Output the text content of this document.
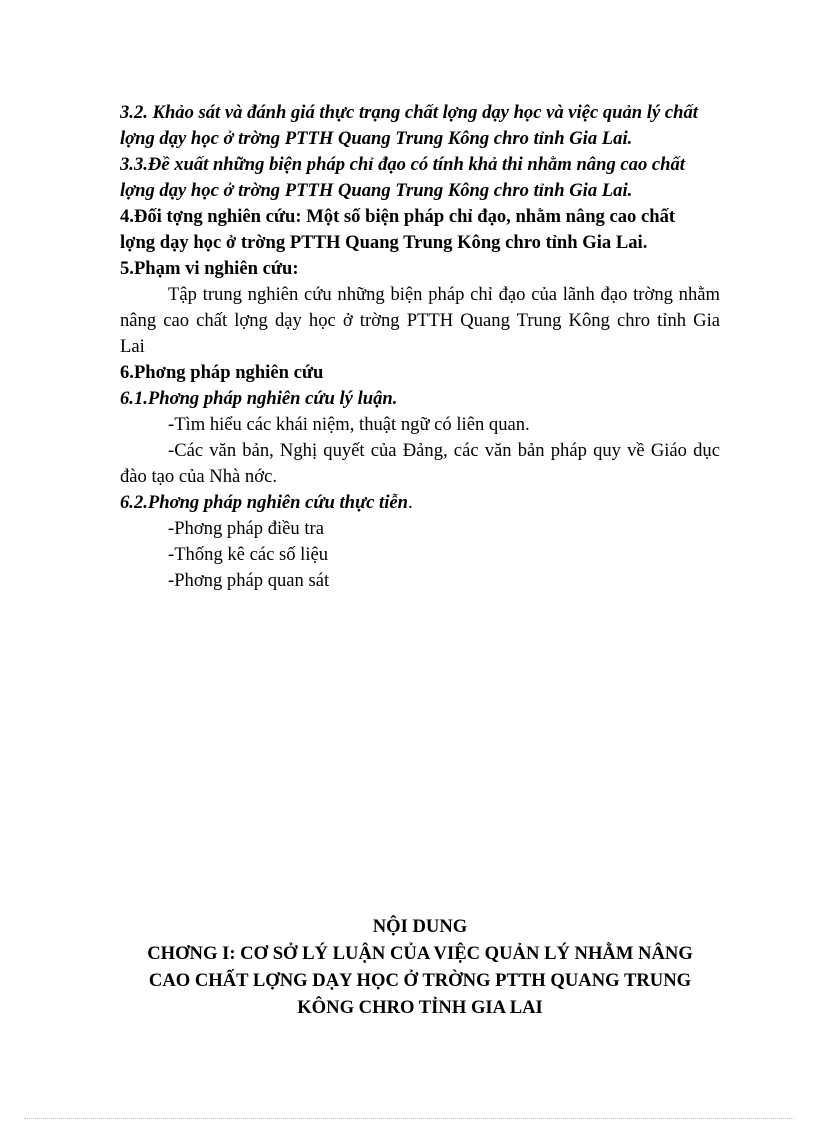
3.2. Khảo sát và đánh giá thực trạng chất lợng dạy học và việc quản lý chất

lợng dạy học ở trờng PTTH Quang Trung Kông chro tỉnh Gia Lai.

3.3.Đề xuất những biện pháp chỉ đạo có tính khả thi nhằm nâng cao chất

lợng dạy học ở trờng PTTH Quang Trung Kông chro tỉnh Gia Lai.

4.Đối tợng nghiên cứu: Một số biện pháp chỉ đạo, nhằm nâng cao chất

lợng dạy học ở trờng PTTH Quang Trung Kông chro tỉnh Gia Lai.

5.Phạm vi nghiên cứu:

Tập trung nghiên cứu những biện pháp chỉ đạo của lãnh đạo trờng nhằm

nâng cao chất lợng dạy học ở trờng PTTH Quang Trung Kông chro tỉnh Gia

Lai

6.Phơng pháp nghiên cứu

6.1.Phơng pháp nghiên cứu lý luận.

-Tìm hiểu các khái niệm, thuật ngữ có liên quan.

-Các văn bản, Nghị quyết của Đảng, các văn bản pháp quy về Giáo dục

đào tạo của Nhà nớc.

6.2.Phơng pháp nghiên cứu thực tiễn.

-Phơng pháp điều tra

-Thống kê các số liệu

-Phơng pháp quan sát

NỘI DUNG

CHƠNG I: CƠ SỞ LÝ LUẬN CỦA VIỆC QUẢN LÝ NHẰM NÂNG

CAO CHẤT LỢNG DẠY HỌC Ở TRỜNG PTTH QUANG TRUNG

KÔNG CHRO TỈNH GIA LAI
